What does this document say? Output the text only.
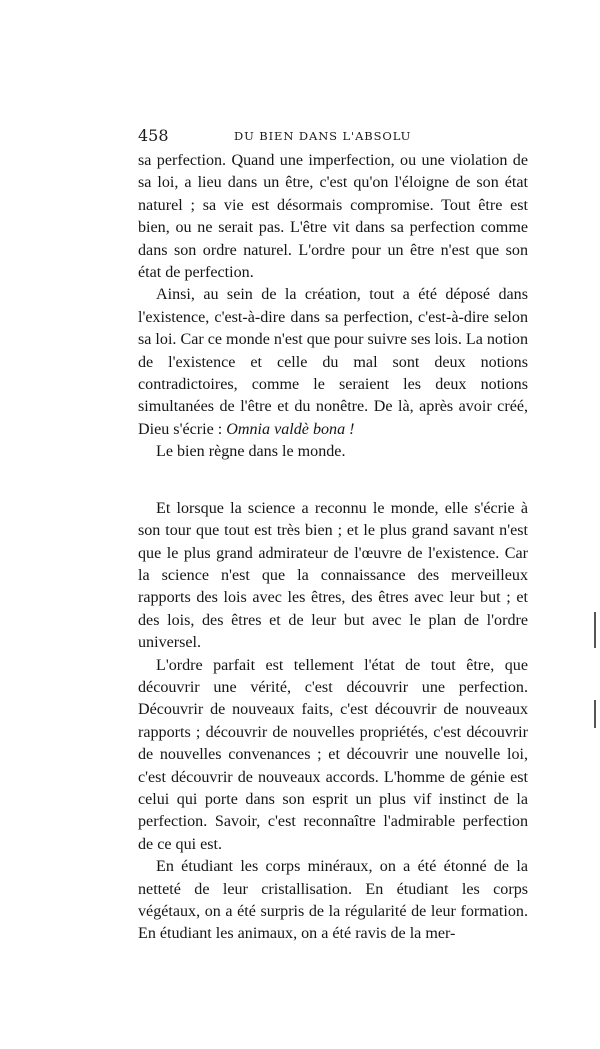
458	DU BIEN DANS L'ABSOLU

sa perfection. Quand une imperfection, ou une violation de sa loi, a lieu dans un être, c'est qu'on l'éloigne de son état naturel ; sa vie est désormais compromise. Tout être est bien, ou ne serait pas. L'être vit dans sa perfection comme dans son ordre naturel. L'ordre pour un être n'est que son état de perfection.

Ainsi, au sein de la création, tout a été déposé dans l'existence, c'est-à-dire dans sa perfection, c'est-à-dire selon sa loi. Car ce monde n'est que pour suivre ses lois. La notion de l'existence et celle du mal sont deux notions contradictoires, comme le seraient les deux notions simultanées de l'être et du nonêtre. De là, après avoir créé, Dieu s'écrie : Omnia valdè bona !

Le bien règne dans le monde.

Et lorsque la science a reconnu le monde, elle s'écrie à son tour que tout est très bien ; et le plus grand savant n'est que le plus grand admirateur de l'œuvre de l'existence. Car la science n'est que la connaissance des merveilleux rapports des lois avec les êtres, des êtres avec leur but ; et des lois, des êtres et de leur but avec le plan de l'ordre universel.

L'ordre parfait est tellement l'état de tout être, que découvrir une vérité, c'est découvrir une perfection. Découvrir de nouveaux faits, c'est découvrir de nouveaux rapports ; découvrir de nouvelles propriétés, c'est découvrir de nouvelles convenances ; et découvrir une nouvelle loi, c'est découvrir de nouveaux accords. L'homme de génie est celui qui porte dans son esprit un plus vif instinct de la perfection. Savoir, c'est reconnaître l'admirable perfection de ce qui est.

En étudiant les corps minéraux, on a été étonné de la netteté de leur cristallisation. En étudiant les corps végétaux, on a été surpris de la régularité de leur formation. En étudiant les animaux, on a été ravis de la mer-
